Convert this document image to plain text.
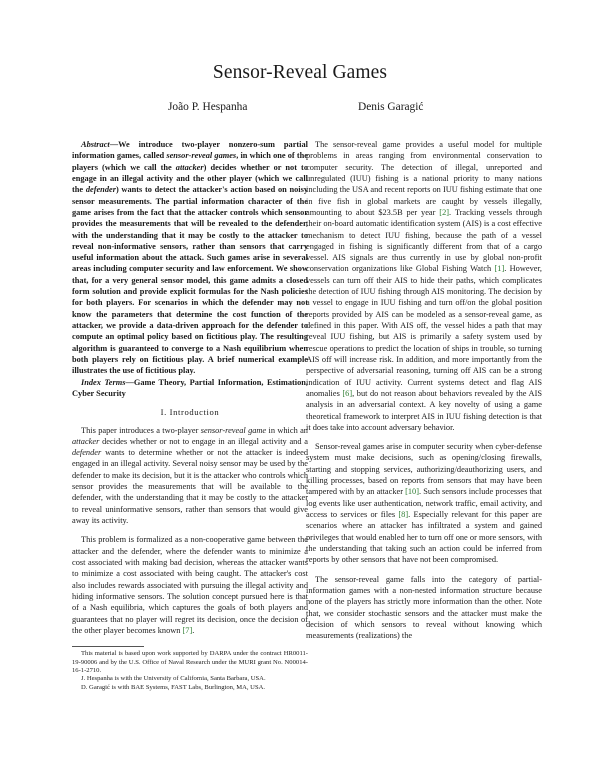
Sensor-Reveal Games
João P. Hespanha	Denis Garagić

Abstract—We introduce two-player nonzero-sum partial information games, called sensor-reveal games, in which one of the players (which we call the attacker) decides whether or not to engage in an illegal activity and the other player (which we call the defender) wants to detect the attacker's action based on noisy sensor measurements. The partial information character of the game arises from the fact that the attacker controls which sensor provides the measurements that will be revealed to the defender, with the understanding that it may be costly to the attacker to reveal non-informative sensors, rather than sensors that carry useful information about the attack. Such games arise in several areas including computer security and law enforcement. We show that, for a very general sensor model, this game admits a closed form solution and provide explicit formulas for the Nash policies for both players. For scenarios in which the defender may not know the parameters that determine the cost function of the attacker, we provide a data-driven approach for the defender to compute an optimal policy based on fictitious play. The resulting algorithm is guaranteed to converge to a Nash equilibrium when both players rely on fictitious play. A brief numerical example illustrates the use of fictitious play.

Index Terms—Game Theory, Partial Information, Estimation, Cyber Security

I. Introduction

This paper introduces a two-player sensor-reveal game in which an attacker decides whether or not to engage in an illegal activity and a defender wants to determine whether or not the attacker is indeed engaged in an illegal activity. Several noisy sensor may be used by the defender to make its decision, but it is the attacker who controls which sensor provides the measurements that will be available to the defender, with the understanding that it may be costly to the attacker to reveal uninformative sensors, rather than sensors that would give away its activity.

This problem is formalized as a non-cooperative game between the attacker and the defender, where the defender wants to minimize a cost associated with making bad decision, whereas the attacker wants to minimize a cost associated with being caught. The attacker's cost also includes rewards associated with pursuing the illegal activity and hiding informative sensors. The solution concept pursued here is that of a Nash equilibria, which captures the goals of both players and guarantees that no player will regret its decision, once the decision of the other player becomes known [7].

This material is based upon work supported by DARPA under the contract HR0011-19-90006 and by the U.S. Office of Naval Research under the MURI grant No. N00014-16-1-2710.

J. Hespanha is with the University of California, Santa Barbara, USA.

D. Garagić is with BAE Systems, FAST Labs, Burlington, MA, USA.

The sensor-reveal game provides a useful model for multiple problems in areas ranging from environmental conservation to computer security. The detection of illegal, unreported and unregulated (IUU) fishing is a national priority to many nations including the USA and recent reports on IUU fishing estimate that one in five fish in global markets are caught by vessels illegally, amounting to about $23.5B per year [2]. Tracking vessels through their on-board automatic identification system (AIS) is a cost effective mechanism to detect IUU fishing, because the path of a vessel engaged in fishing is significantly different from that of a cargo vessel. AIS signals are thus currently in use by global non-profit conservation organizations like Global Fishing Watch [1]. However, vessels can turn off their AIS to hide their paths, which complicates the detection of IUU fishing through AIS monitoring. The decision by a vessel to engage in IUU fishing and turn off/on the global position reports provided by AIS can be modeled as a sensor-reveal game, as defined in this paper. With AIS off, the vessel hides a path that may reveal IUU fishing, but AIS is primarily a safety system used by rescue operations to predict the location of ships in trouble, so turning AIS off will increase risk. In addition, and more importantly from the perspective of adversarial reasoning, turning off AIS can be a strong indication of IUU activity. Current systems detect and flag AIS anomalies [6], but do not reason about behaviors revealed by the AIS analysis in an adversarial context. A key novelty of using a game theoretical framework to interpret AIS in IUU fishing detection is that it does take into account adversary behavior.

Sensor-reveal games arise in computer security when cyber-defense system must make decisions, such as opening/closing firewalls, starting and stopping services, authorizing/deauthorizing users, and killing processes, based on reports from sensors that may have been tampered with by an attacker [10]. Such sensors include processes that log events like user authentication, network traffic, email activity, and access to services or files [8]. Especially relevant for this paper are scenarios where an attacker has infiltrated a system and gained privileges that would enabled her to turn off one or more sensors, with the understanding that taking such an action could be inferred from reports by other sensors that have not been compromised.

The sensor-reveal game falls into the category of partial-information games with a non-nested information structure because none of the players has strictly more information than the other. Note that, we consider stochastic sensors and the attacker must make the decision of which sensors to reveal without knowing which measurements (realizations) the
